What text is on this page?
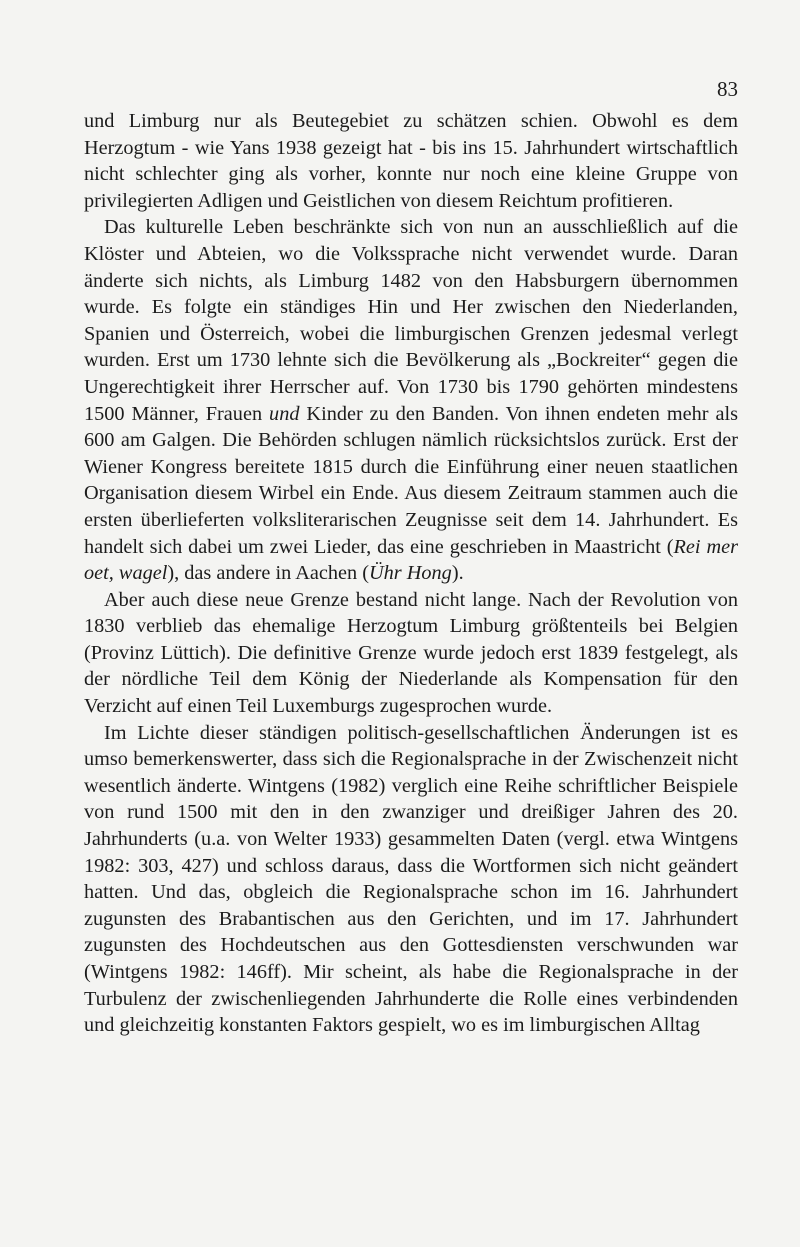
83

und Limburg nur als Beutegebiet zu schätzen schien. Obwohl es dem Herzogtum - wie Yans 1938 gezeigt hat - bis ins 15. Jahrhundert wirtschaftlich nicht schlechter ging als vorher, konnte nur noch eine kleine Gruppe von privilegierten Adligen und Geistlichen von diesem Reichtum profitieren.

Das kulturelle Leben beschränkte sich von nun an ausschließlich auf die Klöster und Abteien, wo die Volkssprache nicht verwendet wurde. Daran änderte sich nichts, als Limburg 1482 von den Habsburgern übernommen wurde. Es folgte ein ständiges Hin und Her zwischen den Niederlanden, Spanien und Österreich, wobei die limburgischen Grenzen jedesmal verlegt wurden. Erst um 1730 lehnte sich die Bevölkerung als „Bockreiter“ gegen die Ungerechtigkeit ihrer Herrscher auf. Von 1730 bis 1790 gehörten mindestens 1500 Männer, Frauen und Kinder zu den Banden. Von ihnen endeten mehr als 600 am Galgen. Die Behörden schlugen nämlich rücksichtslos zurück. Erst der Wiener Kongress bereitete 1815 durch die Einführung einer neuen staatlichen Organisation diesem Wirbel ein Ende. Aus diesem Zeitraum stammen auch die ersten überlieferten volksliterarischen Zeugnisse seit dem 14. Jahrhundert. Es handelt sich dabei um zwei Lieder, das eine geschrieben in Maastricht (Rei mer oet, wagel), das andere in Aachen (Ühr Hong).

Aber auch diese neue Grenze bestand nicht lange. Nach der Revolution von 1830 verblieb das ehemalige Herzogtum Limburg größtenteils bei Belgien (Provinz Lüttich). Die definitive Grenze wurde jedoch erst 1839 festgelegt, als der nördliche Teil dem König der Niederlande als Kompensation für den Verzicht auf einen Teil Luxemburgs zugesprochen wurde.

Im Lichte dieser ständigen politisch-gesellschaftlichen Änderungen ist es umso bemerkenswerter, dass sich die Regionalsprache in der Zwischenzeit nicht wesentlich änderte. Wintgens (1982) verglich eine Reihe schriftlicher Beispiele von rund 1500 mit den in den zwanziger und dreißiger Jahren des 20. Jahrhunderts (u.a. von Welter 1933) gesammelten Daten (vergl. etwa Wintgens 1982: 303, 427) und schloss daraus, dass die Wortformen sich nicht geändert hatten. Und das, obgleich die Regionalsprache schon im 16. Jahrhundert zugunsten des Brabantischen aus den Gerichten, und im 17. Jahrhundert zugunsten des Hochdeutschen aus den Gottesdiensten verschwunden war (Wintgens 1982: 146ff). Mir scheint, als habe die Regionalsprache in der Turbulenz der zwischenliegenden Jahrhunderte die Rolle eines verbindenden und gleichzeitig konstanten Faktors gespielt, wo es im limburgischen Alltag
